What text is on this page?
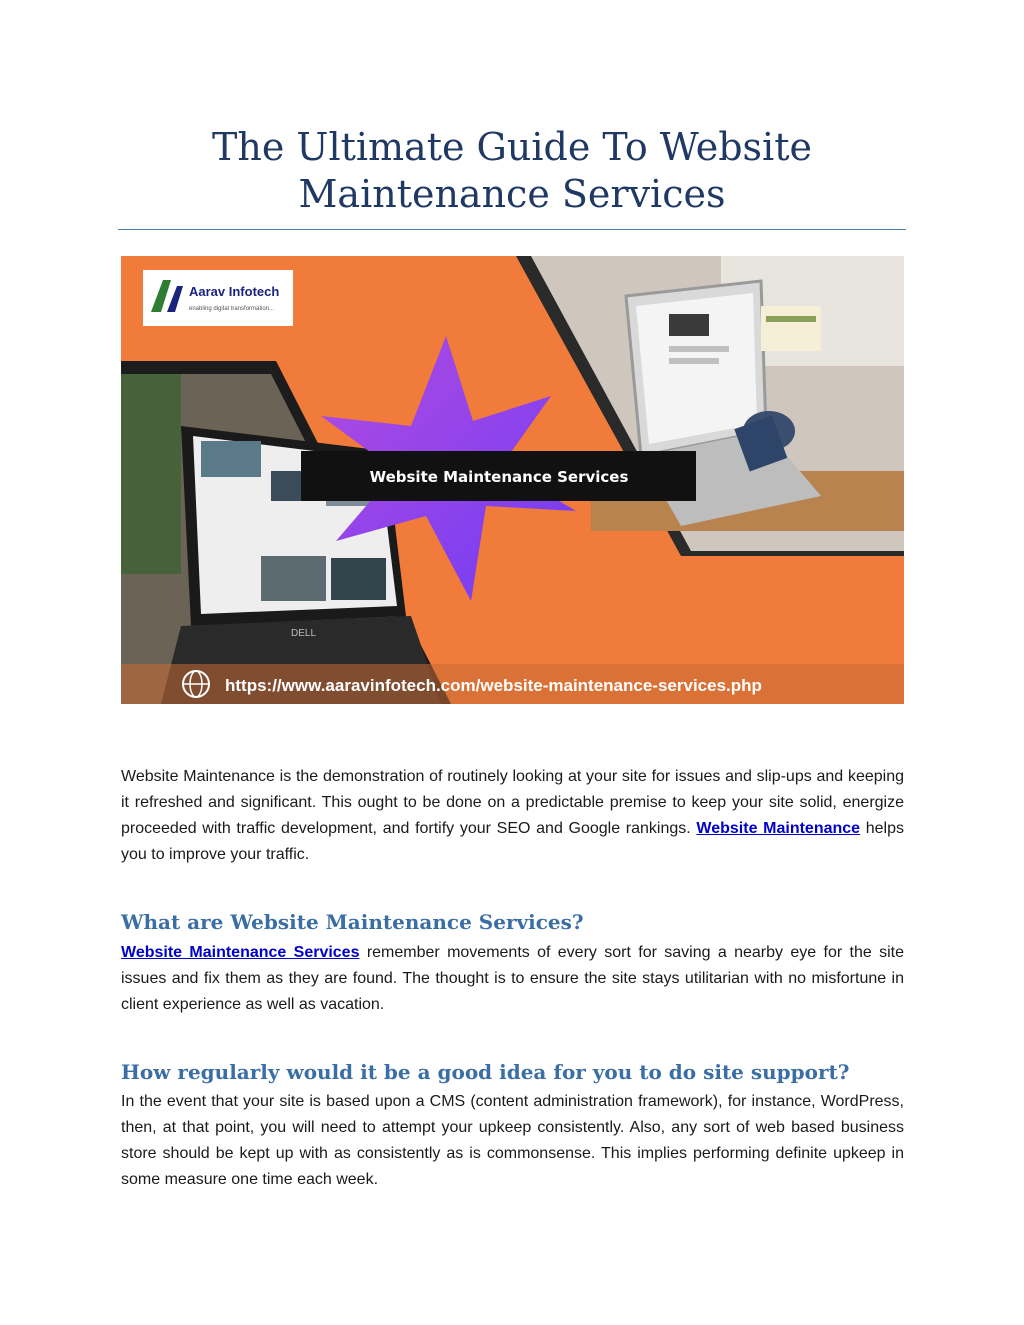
The Ultimate Guide To Website
Maintenance Services
DELL
Website Maintenance Services
Aarav Infotech
enabling digital transformation...
https://www.aaravinfotech.com/website-maintenance-services.php

Website Maintenance is the demonstration of routinely looking at your site for issues and slip-ups and keeping it refreshed and significant. This ought to be done on a predictable premise to keep your site solid, energize proceeded with traffic development, and fortify your SEO and Google rankings. Website Maintenance helps you to improve your traffic.

What are Website Maintenance Services?

Website Maintenance Services remember movements of every sort for saving a nearby eye for the site issues and fix them as they are found. The thought is to ensure the site stays utilitarian with no misfortune in client experience as well as vacation.

How regularly would it be a good idea for you to do site support?

In the event that your site is based upon a CMS (content administration framework), for instance, WordPress, then, at that point, you will need to attempt your upkeep consistently. Also, any sort of web based business store should be kept up with as consistently as is commonsense. This implies performing definite upkeep in some measure one time each week.
